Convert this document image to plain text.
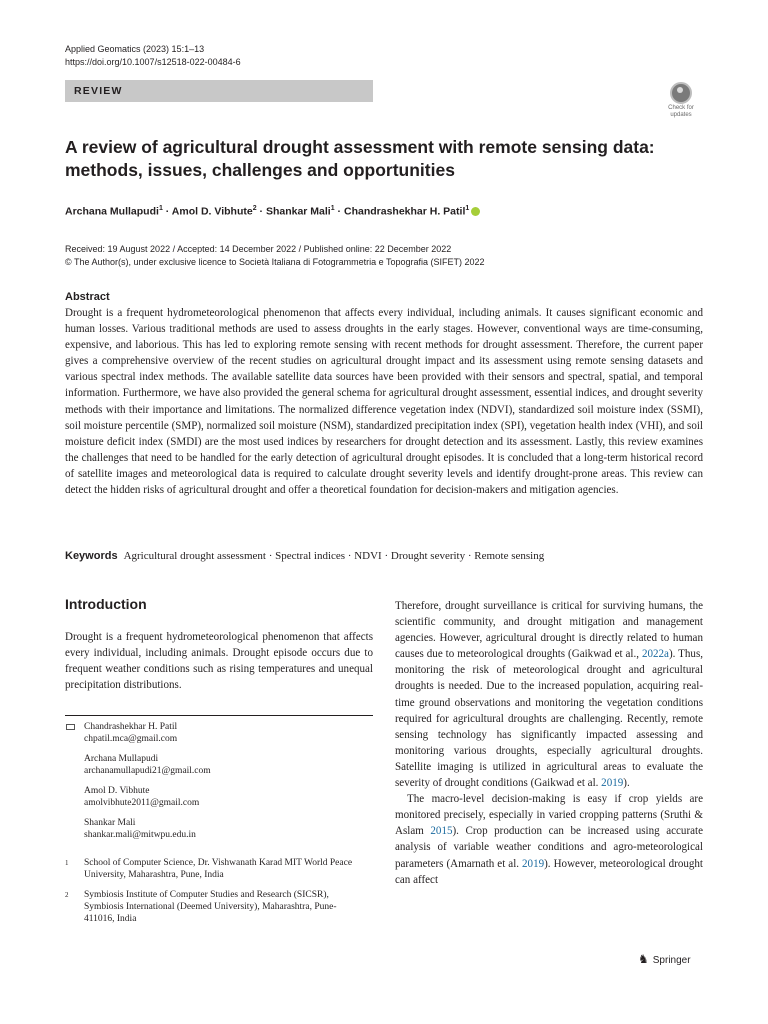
Applied Geomatics (2023) 15:1–13
https://doi.org/10.1007/s12518-022-00484-6
REVIEW
Check for
updates
A review of agricultural drought assessment with remote sensing data: methods, issues, challenges and opportunities
Archana Mullapudi$^1$ · Amol D. Vibhute$^2$ · Shankar Mali$^1$ · Chandrashekhar H. Patil$^1$
Received: 19 August 2022 / Accepted: 14 December 2022 / Published online: 22 December 2022
© The Author(s), under exclusive licence to Società Italiana di Fotogrammetria e Topografia (SIFET) 2022
Abstract
Drought is a frequent hydrometeorological phenomenon that affects every individual, including animals. It causes significant economic and human losses. Various traditional methods are used to assess droughts in the early stages. However, conventional ways are time-consuming, expensive, and laborious. This has led to exploring remote sensing with recent methods for drought assessment. Therefore, the current paper gives a comprehensive overview of the recent studies on agricultural drought impact and its assessment using remote sensing datasets and various spectral index methods. The available satellite data sources have been provided with their sensors and spectral, spatial, and temporal information. Furthermore, we have also provided the general schema for agricultural drought assessment, essential indices, and drought severity methods with their importance and limitations. The normalized difference vegetation index (NDVI), standardized soil moisture index (SSMI), soil moisture percentile (SMP), normalized soil moisture (NSM), standardized precipitation index (SPI), vegetation health index (VHI), and soil moisture deficit index (SMDI) are the most used indices by researchers for drought detection and its assessment. Lastly, this review examines the challenges that need to be handled for the early detection of agricultural drought episodes. It is concluded that a long-term historical record of satellite images and meteorological data is required to calculate drought severity levels and identify drought-prone areas. This review can detect the hidden risks of agricultural drought and offer a theoretical foundation for decision-makers and mitigation agencies.
Keywords Agricultural drought assessment · Spectral indices · NDVI · Drought severity · Remote sensing
Introduction
Drought is a frequent hydrometeorological phenomenon that affects every individual, including animals. Drought episode occurs due to frequent weather conditions such as rising temperatures and unequal precipitation distributions.

Therefore, drought surveillance is critical for surviving humans, the scientific community, and drought mitigation and management agencies. However, agricultural drought is directly related to human causes due to meteorological droughts (Gaikwad et al., 2022a). Thus, monitoring the risk of meteorological drought and agricultural droughts is needed. Due to the increased population, acquiring real-time ground observations and monitoring the vegetation conditions required for agricultural droughts are challenging. Recently, remote sensing technology has significantly impacted assessing and monitoring various droughts, especially agricultural droughts. Satellite imaging is utilized in agricultural areas to evaluate the severity of drought conditions (Gaikwad et al. 2019).

The macro-level decision-making is easy if crop yields are monitored precisely, especially in varied cropping patterns (Sruthi & Aslam 2015). Crop production can be increased using accurate analysis of variable weather conditions and agro-meteorological parameters (Amarnath et al. 2019). However, meteorological drought can affect

Chandrashekhar H. Patil
chpatil.mca@gmail.com
Archana Mullapudi
archanamullapudi21@gmail.com
Amol D. Vibhute
amolvibhute2011@gmail.com
Shankar Mali
shankar.mali@mitwpu.edu.in
1 School of Computer Science, Dr. Vishwanath Karad MIT World Peace University, Maharashtra, Pune, India
2 Symbiosis Institute of Computer Studies and Research (SICSR), Symbiosis International (Deemed University), Maharashtra, Pune-411016, India
♞ Springer
